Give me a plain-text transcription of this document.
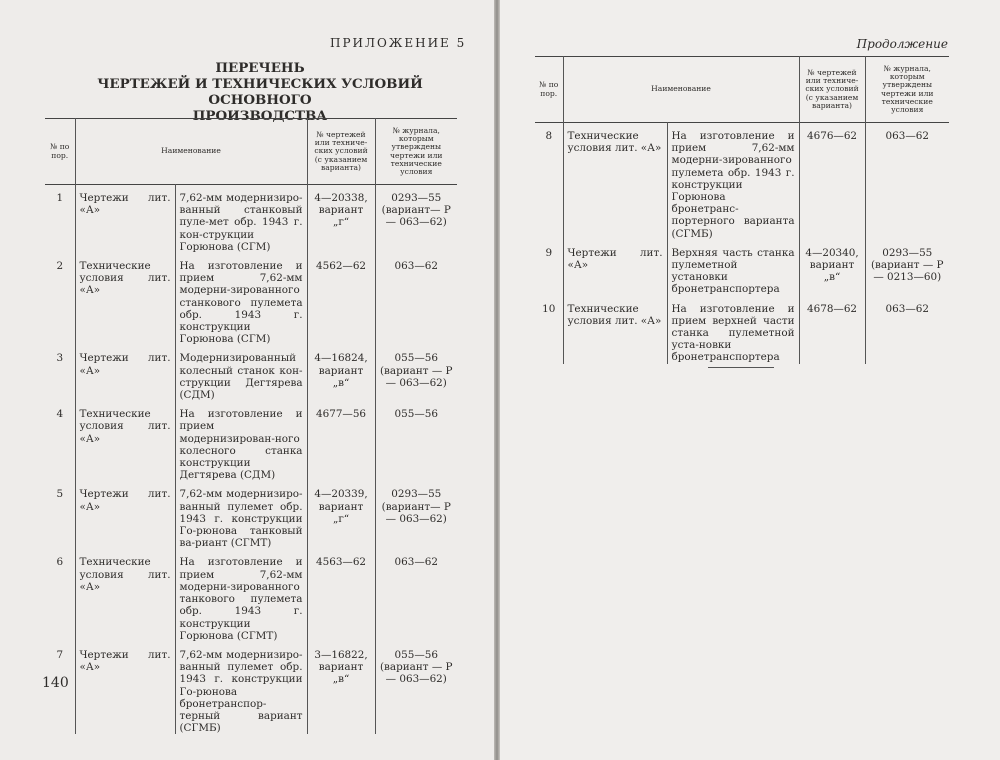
ПРИЛОЖЕНИЕ 5
ПЕРЕЧЕНЬ
ЧЕРТЕЖЕЙ И ТЕХНИЧЕСКИХ УСЛОВИЙ ОСНОВНОГО
ПРОИЗВОДСТВА
№ по пор.	Наименование		№ чертежей или техниче-ских условий (с указанием варианта)	№ журнала, которым утверждены чертежи или технические условия
1	Чертежи лит. «А»	7,62-мм модернизиро-ванный станковый пуле-мет обр. 1943 г. кон-струкции Горюнова (СГМ)	4—20338, вариант „г“	0293—55 (вариант— Р — 063—62)
2	Технические условия лит. «А»	На изготовление и прием 7,62-мм модерни-зированного станкового пулемета обр. 1943 г. конструкции Горюнова (СГМ)	4562—62	063—62
3	Чертежи лит. «А»	Модернизированный колесный станок кон-струкции Дегтярева (СДМ)	4—16824, вариант „в“	055—56 (вариант — Р — 063—62)
4	Технические условия лит. «А»	На изготовление и прием модернизирован-ного колесного станка конструкции Дегтярева (СДМ)	4677—56	055—56
5	Чертежи лит. «А»	7,62-мм модернизиро-ванный пулемет обр. 1943 г. конструкции Го-рюнова танковый ва-риант (СГМТ)	4—20339, вариант „г“	0293—55 (вариант— Р — 063—62)
6	Технические условия лит. «А»	На изготовление и прием 7,62-мм модерни-зированного танкового пулемета обр. 1943 г. конструкции Горюнова (СГМТ)	4563—62	063—62
7	Чертежи лит. «А»	7,62-мм модернизиро-ванный пулемет обр. 1943 г. конструкции Го-рюнова бронетранспор-терный вариант (СГМБ)	3—16822, вариант „в“	055—56 (вариант — Р — 063—62)
140
Продолжение
№ по пор.	Наименование		№ чертежей или техниче-ских условий (с указанием варианта)	№ журнала, которым утверждены чертежи или технические условия
8	Технические условия лит. «А»	На изготовление и прием 7,62-мм модерни-зированного пулемета обр. 1943 г. конструкции Горюнова бронетранс-портерного варианта (СГМБ)	4676—62	063—62
9	Чертежи лит. «А»	Верхняя часть станка пулеметной установки бронетранспортера	4—20340, вариант „в“	0293—55 (вариант — Р — 0213—60)
10	Технические условия лит. «А»	На изготовление и прием верхней части станка пулеметной уста-новки бронетранспортера	4678—62	063—62
